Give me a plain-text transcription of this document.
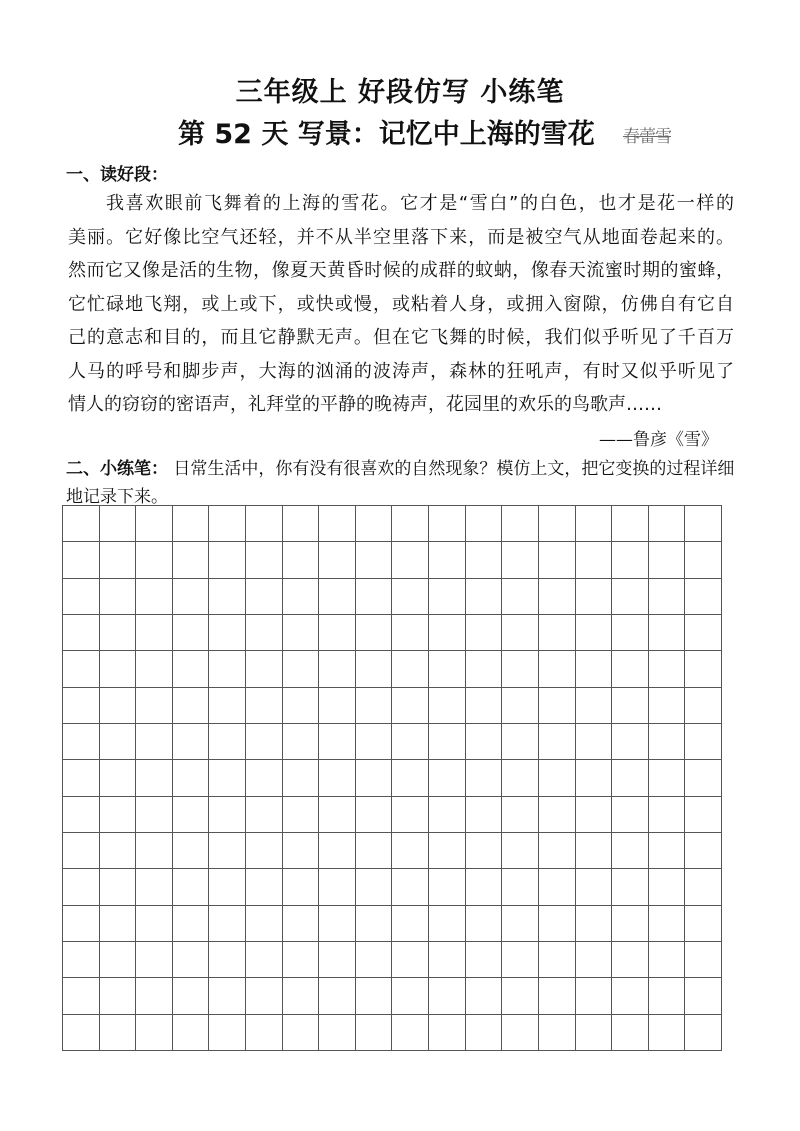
三年级上 好段仿写 小练笔
第 52 天 写景：记忆中上海的雪花 春蕾雪
一、读好段：
我喜欢眼前飞舞着的上海的雪花。它才是“雪白”的白色，也才是花一样的
美丽。它好像比空气还轻，并不从半空里落下来，而是被空气从地面卷起来的。
然而它又像是活的生物，像夏天黄昏时候的成群的蚊蚋，像春天流蜜时期的蜜蜂，
它忙碌地飞翔，或上或下，或快或慢，或粘着人身，或拥入窗隙，仿佛自有它自
己的意志和目的，而且它静默无声。但在它飞舞的时候，我们似乎听见了千百万
人马的呼号和脚步声，大海的汹涌的波涛声，森林的狂吼声，有时又似乎听见了
情人的窃窃的密语声，礼拜堂的平静的晚祷声，花园里的欢乐的鸟歌声……
——鲁彦《雪》
二、小练笔： 日常生活中，你有没有很喜欢的自然现象？模仿上文，把它变换的过程详细地记录下来。
